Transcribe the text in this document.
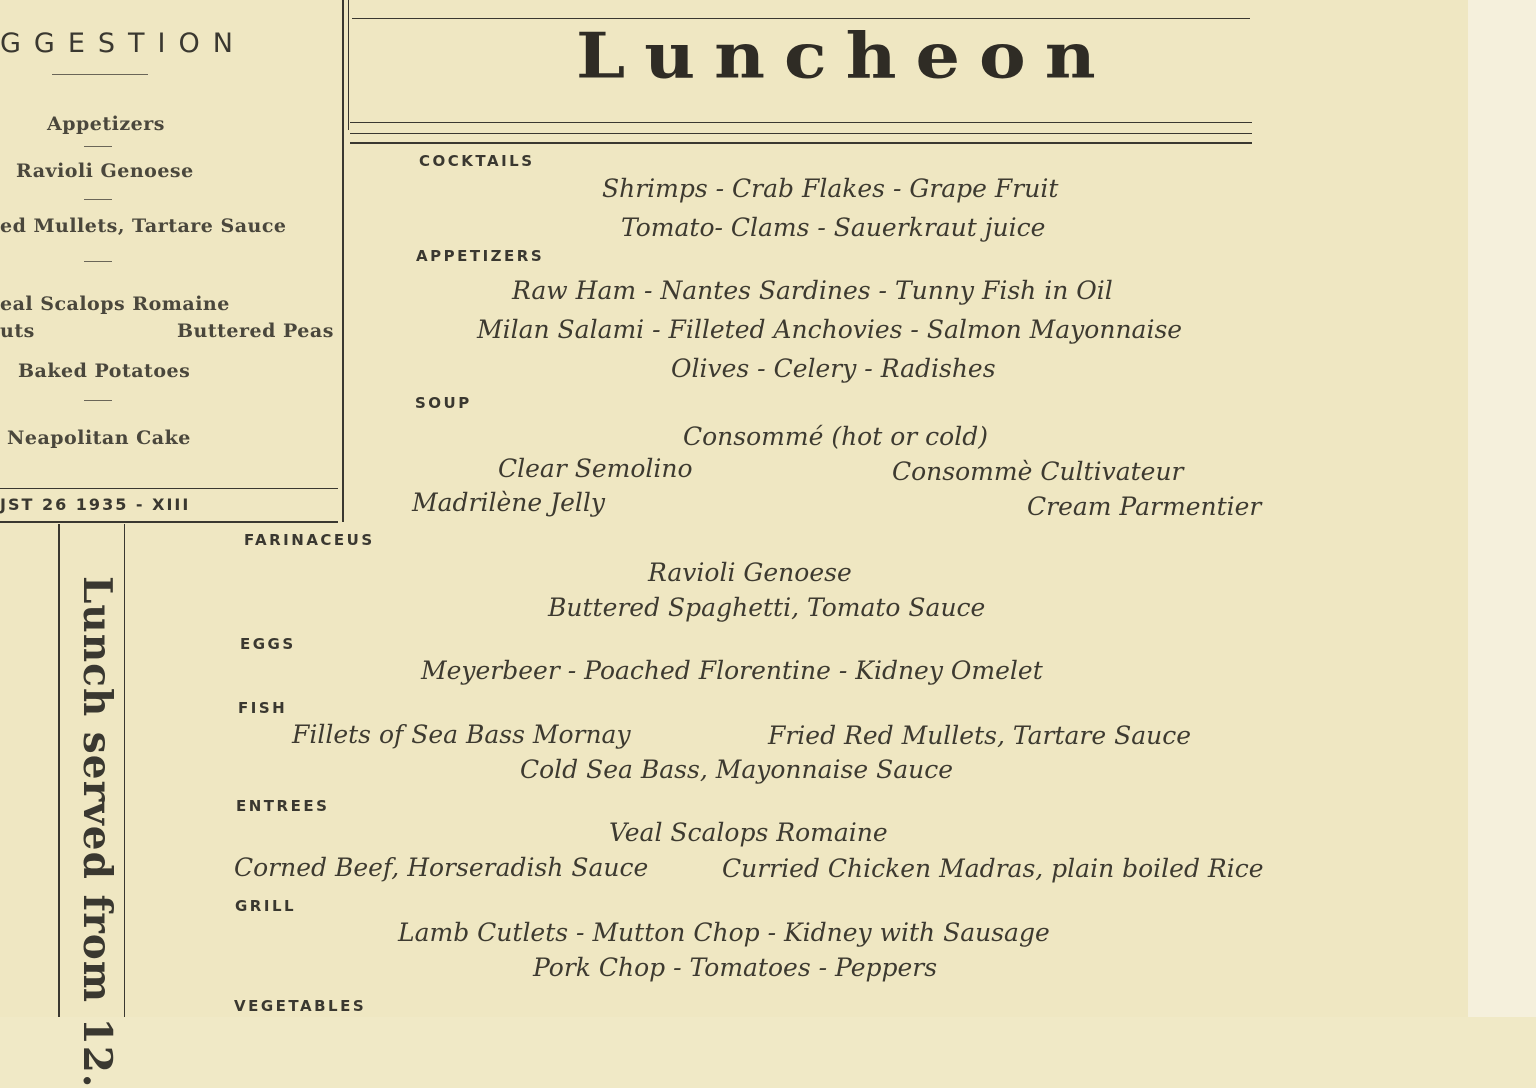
GGESTION
Appetizers
Ravioli Genoese
ed Mullets, Tartare Sauce
eal Scalops Romaine
uts	Buttered Peas
Baked Potatoes
Neapolitan Cake
JST 26 1935 - XIII
Luncheon
Lunch served from 12.
COCKTAILS
Shrimps - Crab Flakes - Grape Fruit
Tomato- Clams - Sauerkraut juice
APPETIZERS
Raw Ham - Nantes Sardines - Tunny Fish in Oil
Milan Salami - Filleted Anchovies - Salmon Mayonnaise
Olives - Celery - Radishes
SOUP
Consommé (hot or cold)
Clear Semolino	Consommè Cultivateur
Madrilène Jelly	Cream Parmentier
FARINACEUS
Ravioli Genoese
Buttered Spaghetti, Tomato Sauce
EGGS
Meyerbeer - Poached Florentine - Kidney Omelet
FISH
Fillets of Sea Bass Mornay	Fried Red Mullets, Tartare Sauce
Cold Sea Bass, Mayonnaise Sauce
ENTREES
Veal Scalops Romaine
Corned Beef, Horseradish Sauce	Curried Chicken Madras, plain boiled Rice
GRILL
Lamb Cutlets - Mutton Chop - Kidney with Sausage
Pork Chop - Tomatoes - Peppers
VEGETABLES
